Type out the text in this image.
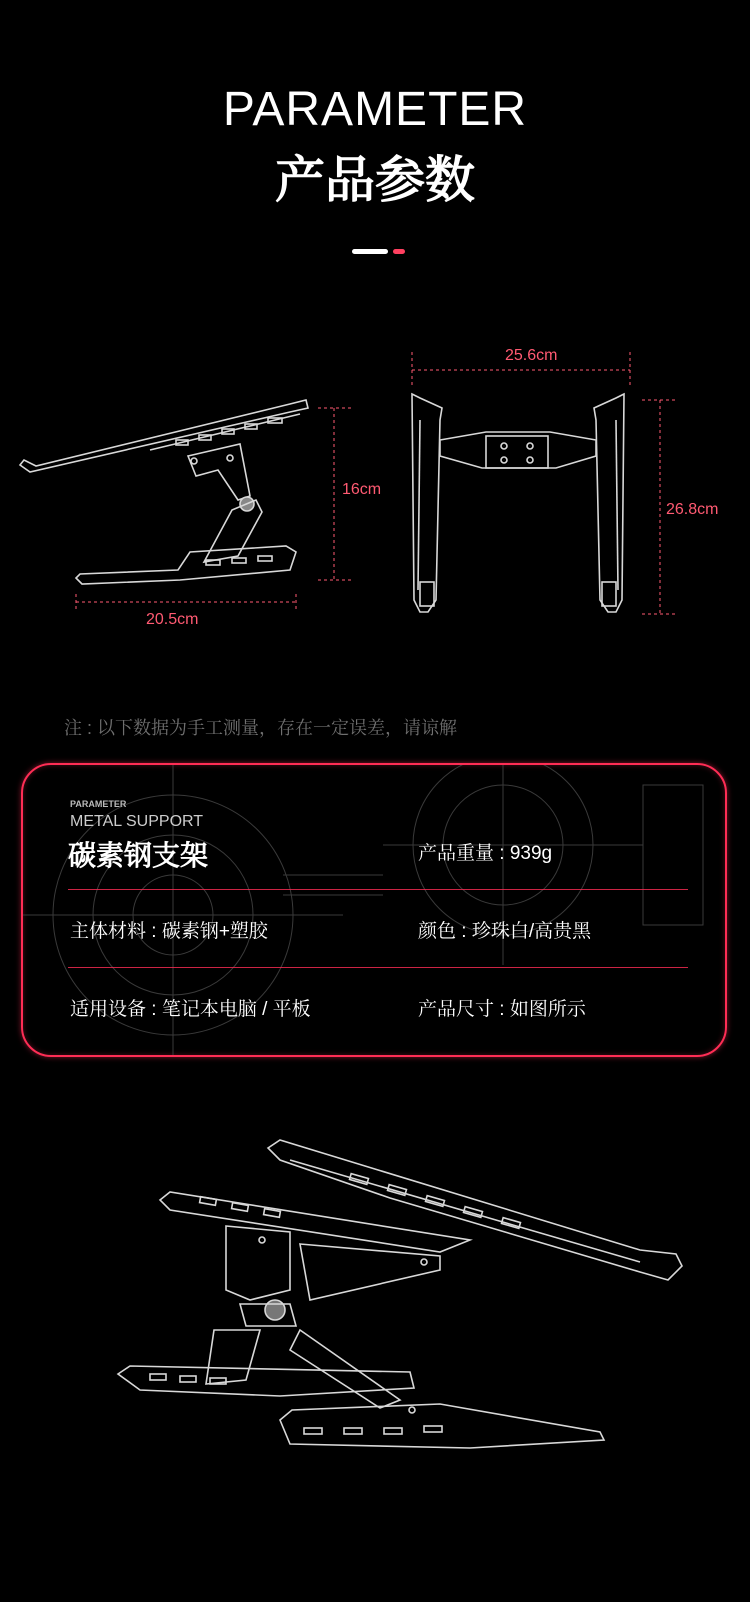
PARAMETER
产品参数
20.5cm
16cm
25.6cm
26.8cm
注 : 以下数据为手工测量，存在一定误差，请谅解
PARAMETER
METAL SUPPORT
碳素钢支架	产品重量 : 939g
主体材料 : 碳素钢+塑胶	颜色 : 珍珠白/高贵黑
适用设备 : 笔记本电脑 / 平板	产品尺寸 : 如图所示
